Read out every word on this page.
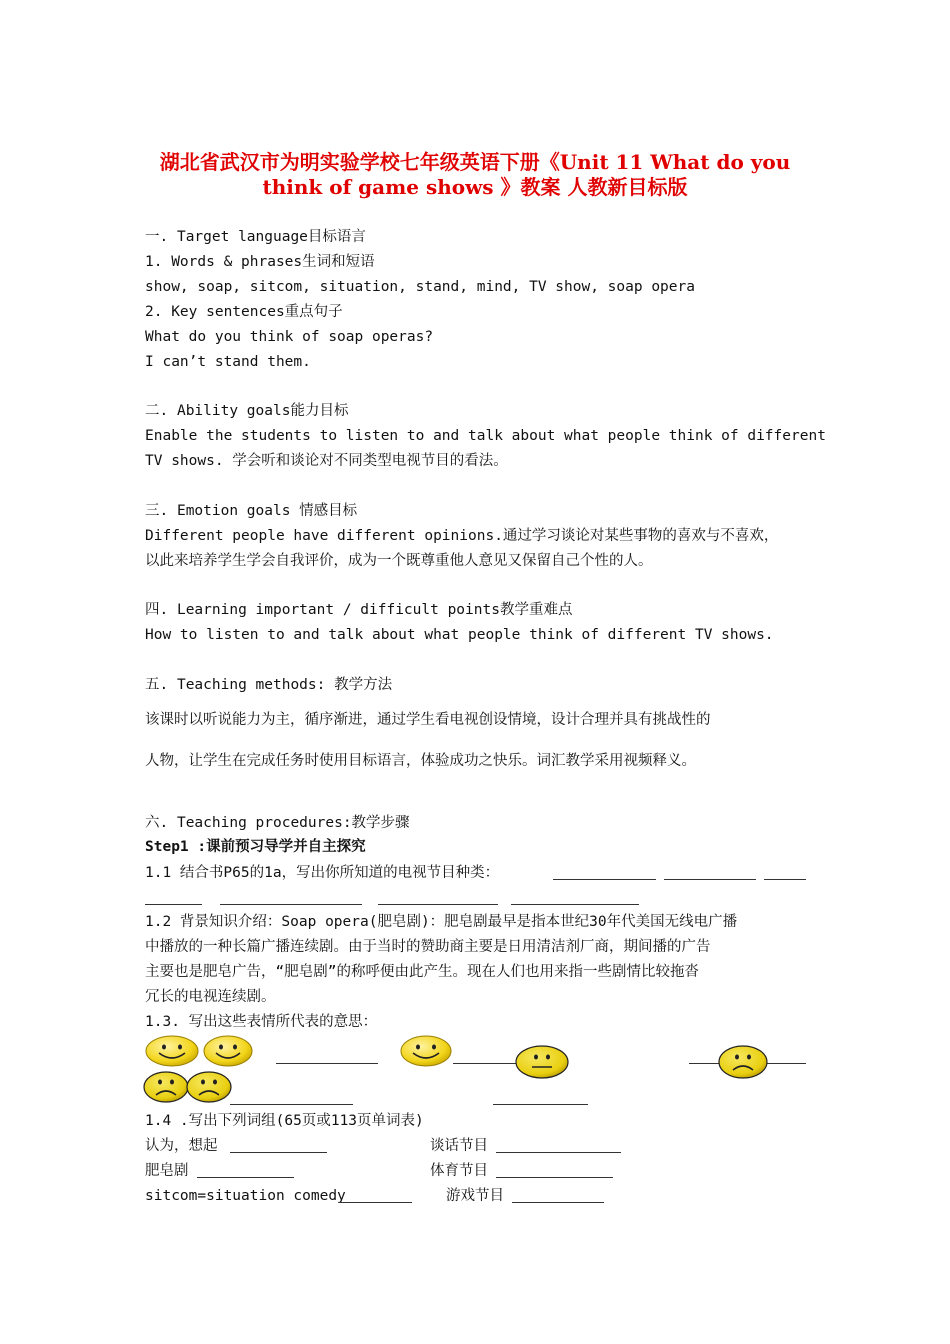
湖北省武汉市为明实验学校七年级英语下册《Unit 11 What do you
think of game shows 》教案 人教新目标版
一. Target language目标语言
1. Words & phrases生词和短语
show, soap, sitcom, situation, stand, mind, TV show, soap opera
2. Key sentences重点句子
What do you think of soap operas?
I can’t stand them.
二. Ability goals能力目标
Enable the students to listen to and talk about what people think of different
TV shows. 学会听和谈论对不同类型电视节目的看法。
三. Emotion goals 情感目标
Different people have different opinions.通过学习谈论对某些事物的喜欢与不喜欢，
以此来培养学生学会自我评价，成为一个既尊重他人意见又保留自己个性的人。
四. Learning important / difficult points教学重难点
How to listen to and talk about what people think of different TV shows.
五. Teaching methods: 教学方法
该课时以听说能力为主，循序渐进，通过学生看电视创设情境，设计合理并具有挑战性的
人物，让学生在完成任务时使用目标语言，体验成功之快乐。词汇教学采用视频释义。
六. Teaching procedures:教学步骤
Step1 :课前预习导学并自主探究
1.1 结合书P65的1a，写出你所知道的电视节目种类：
1.2 背景知识介绍：Soap opera(肥皂剧)：肥皂剧最早是指本世纪30年代美国无线电广播
中播放的一种长篇广播连续剧。由于当时的赞助商主要是日用清洁剂厂商，期间播的广告
主要也是肥皂广告，“肥皂剧”的称呼便由此产生。现在人们也用来指一些剧情比较拖沓
冗长的电视连续剧。
1.3. 写出这些表情所代表的意思：
1.4 .写出下列词组(65页或113页单词表)
认为，想起	谈话节目
肥皂剧	体育节目
sitcom=situation comedy	游戏节目
